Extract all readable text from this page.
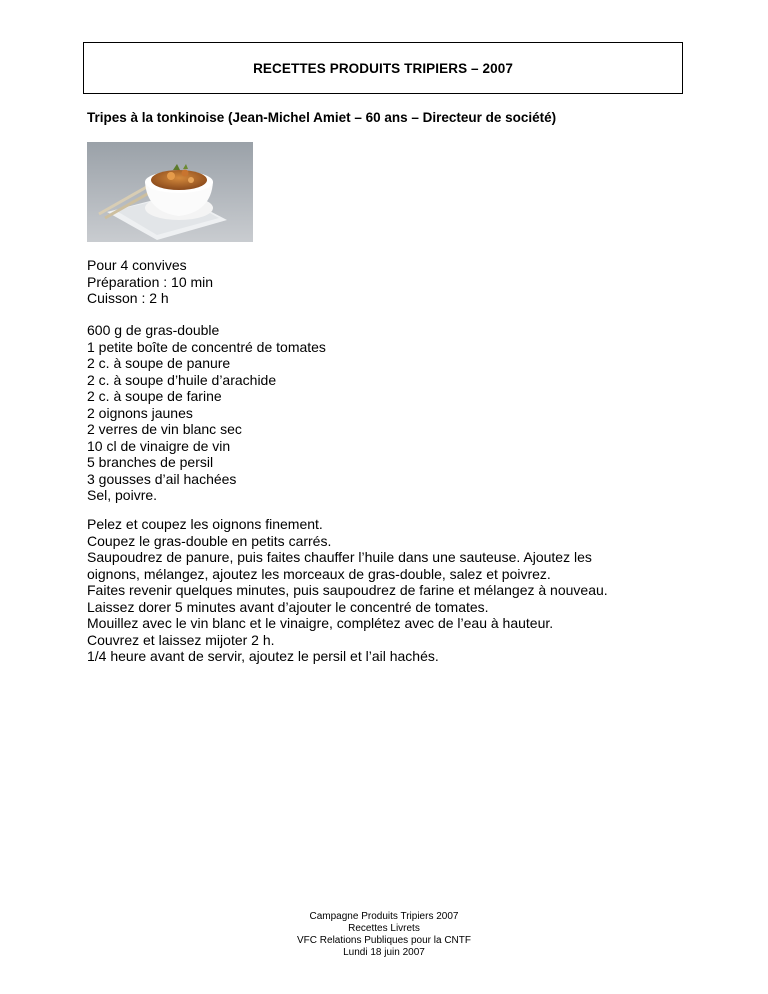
RECETTES PRODUITS TRIPIERS – 2007
Tripes à la tonkinoise (Jean-Michel Amiet – 60 ans – Directeur de société)
Pour 4 convives
Préparation : 10 min
Cuisson : 2 h
600 g de gras-double
1 petite boîte de concentré de tomates
2 c. à soupe de panure
2 c. à soupe d’huile d’arachide
2 c. à soupe de farine
2 oignons jaunes
2 verres de vin blanc sec
10 cl de vinaigre de vin
5 branches de persil
3 gousses d’ail hachées
Sel, poivre.
Pelez et coupez les oignons finement.
Coupez le gras-double en petits carrés.
Saupoudrez de panure, puis faites chauffer l’huile dans une sauteuse. Ajoutez les
oignons, mélangez, ajoutez les morceaux de gras-double, salez et poivrez.
Faites revenir quelques minutes, puis saupoudrez de farine et mélangez à nouveau.
Laissez dorer 5 minutes avant d’ajouter le concentré de tomates.
Mouillez avec le vin blanc et le vinaigre, complétez avec de l’eau à hauteur.
Couvrez et laissez mijoter 2 h.
1/4 heure avant de servir, ajoutez le persil et l’ail hachés.
Campagne Produits Tripiers 2007
Recettes Livrets
VFC Relations Publiques pour la CNTF
Lundi 18 juin 2007
